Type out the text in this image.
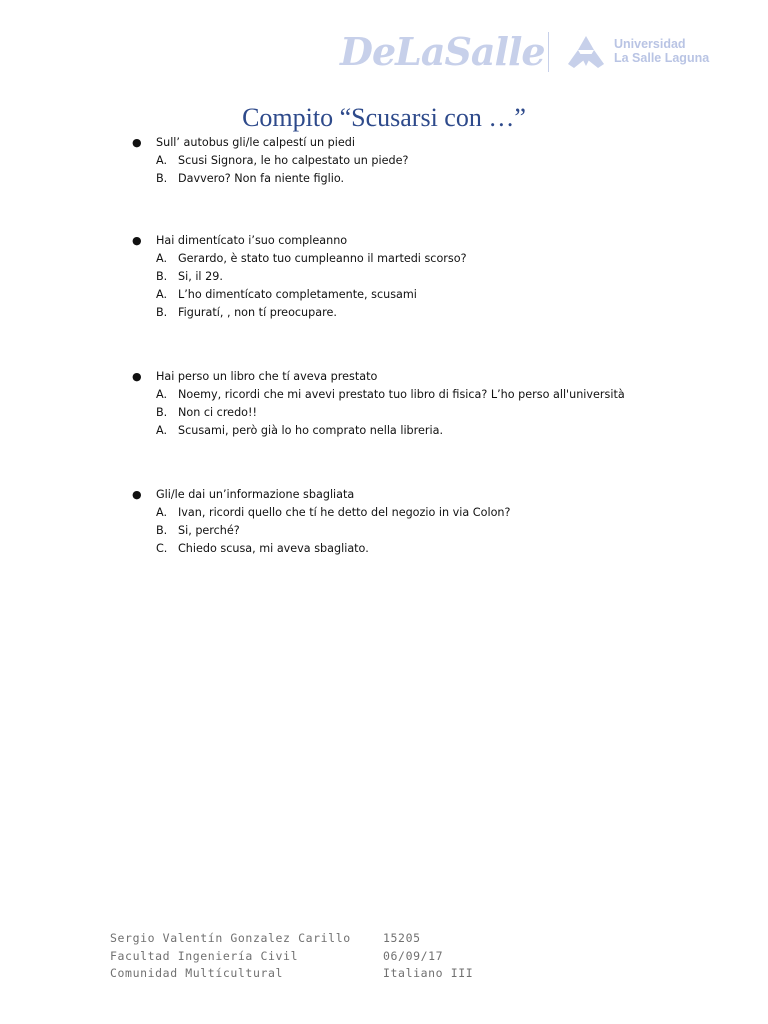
DeLaSalle	Universidad
La Salle Laguna
Compito “Scusarsi con …”
● Sull’ autobus gli/le calpestí un piedi
A. Scusi Signora, le ho calpestato un piede?
B. Davvero? Non fa niente figlio.
● Hai dimentícato i’suo compleanno
A. Gerardo, è stato tuo cumpleanno il martedi scorso?
B. Si, il 29.
A. L’ho dimentícato completamente, scusami
B. Figuratí, , non tí preocupare.
● Hai perso un libro che tí aveva prestato
A. Noemy, ricordi che mi avevi prestato tuo libro di fisica? L’ho perso all'università
B. Non ci credo!!
A. Scusami, però già lo ho comprato nella libreria.
● Gli/le dai un’informazione sbagliata
A. Ivan, ricordi quello che tí he detto del negozio in via Colon?
B. Si, perché?
C. Chiedo scusa, mi aveva sbagliato.
Sergio Valentín Gonzalez Carillo	15205
Facultad Ingeniería Civil	06/09/17
Comunidad Multícultural	Italiano III
